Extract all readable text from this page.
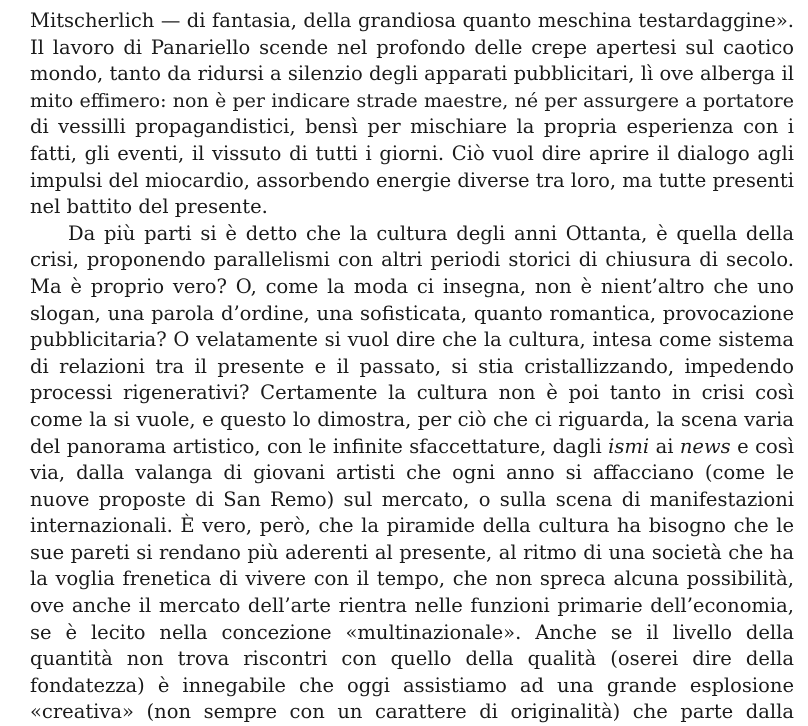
Mitscherlich — di fantasia, della grandiosa quanto meschina testardaggine».
Il lavoro di Panariello scende nel profondo delle crepe apertesi sul caotico
mondo, tanto da ridursi a silenzio degli apparati pubblicitari, lì ove alberga il
mito effimero: non è per indicare strade maestre, né per assurgere a portatore
di vessilli propagandistici, bensì per mischiare la propria esperienza con i
fatti, gli eventi, il vissuto di tutti i giorni. Ciò vuol dire aprire il dialogo agli
impulsi del miocardio, assorbendo energie diverse tra loro, ma tutte presenti
nel battito del presente.
Da più parti si è detto che la cultura degli anni Ottanta, è quella della
crisi, proponendo parallelismi con altri periodi storici di chiusura di secolo.
Ma è proprio vero? O, come la moda ci insegna, non è nient’altro che uno
slogan, una parola d’ordine, una sofisticata, quanto romantica, provocazione
pubblicitaria? O velatamente si vuol dire che la cultura, intesa come sistema
di relazioni tra il presente e il passato, si stia cristallizzando, impedendo
processi rigenerativi? Certamente la cultura non è poi tanto in crisi così
come la si vuole, e questo lo dimostra, per ciò che ci riguarda, la scena varia
del panorama artistico, con le infinite sfaccettature, dagli ismi ai news e così
via, dalla valanga di giovani artisti che ogni anno si affacciano (come le
nuove proposte di San Remo) sul mercato, o sulla scena di manifestazioni
internazionali. È vero, però, che la piramide della cultura ha bisogno che le
sue pareti si rendano più aderenti al presente, al ritmo di una società che ha
la voglia frenetica di vivere con il tempo, che non spreca alcuna possibilità,
ove anche il mercato dell’arte rientra nelle funzioni primarie dell’economia,
se è lecito nella concezione «multinazionale». Anche se il livello della
quantità non trova riscontri con quello della qualità (oserei dire della
fondatezza) è innegabile che oggi assistiamo ad una grande esplosione
«creativa» (non sempre con un carattere di originalità) che parte dalla
